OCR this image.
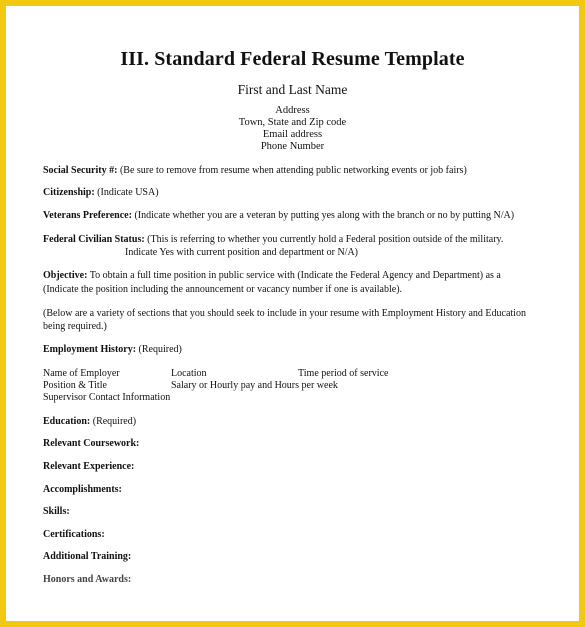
III. Standard Federal Resume Template
First and Last Name
Address
Town, State and Zip code
Email address
Phone Number
Social Security #: (Be sure to remove from resume when attending public networking events or job fairs)
Citizenship: (Indicate USA)
Veterans Preference: (Indicate whether you are a veteran by putting yes along with the branch or no by putting N/A)
Federal Civilian Status: (This is referring to whether you currently hold a Federal position outside of the military.
Indicate Yes with current position and department or N/A)
Objective: To obtain a full time position in public service with (Indicate the Federal Agency and Department) as a
(Indicate the position including the announcement or vacancy number if one is available).
(Below are a variety of sections that you should seek to include in your resume with Employment History and Education
being required.)
Employment History: (Required)
Name of Employer	Location	Time period of service
Position & Title	Salary or Hourly pay and Hours per week
Supervisor Contact Information
Education: (Required)
Relevant Coursework:
Relevant Experience:
Accomplishments:
Skills:
Certifications:
Additional Training:
Honors and Awards:
